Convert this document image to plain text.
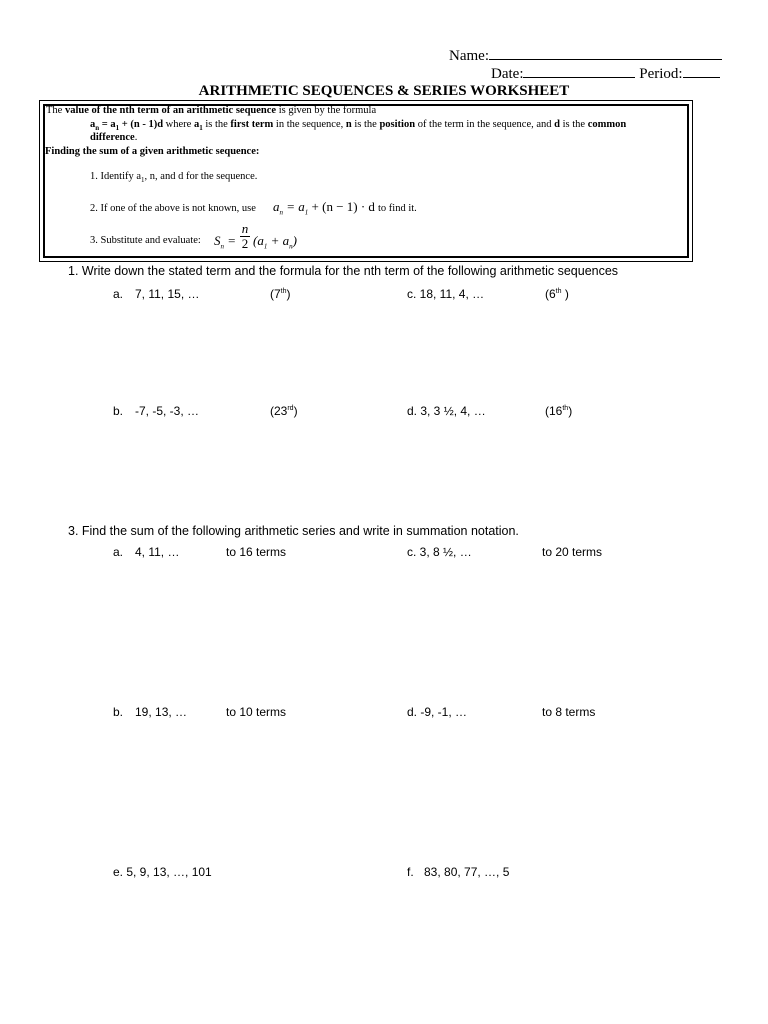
Name:
Date:	Period:
ARITHMETIC SEQUENCES & SERIES WORKSHEET
The value of the nth term of an arithmetic sequence is given by the formula
$a_n = a_1 + (n - 1)d$ where $a_1$ is the first term in the sequence, n is the position of the term in the sequence, and d is the common
difference.
Finding the sum of a given arithmetic sequence:
1. Identify $a_1$, n, and d for the sequence.
2. If one of the above is not known, use $a_n = a_1 + (n - 1) \cdot d$ to find it.
3. Substitute and evaluate: $S_n$ =
n
2 $(a_1 + a_n)$
1. Write down the stated term and the formula for the nth term of the following arithmetic sequences
a. 7, 11, 15, …	(7th)	c. 18, 11, 4, …	(6th )
b. -7, -5, -3, …	(23rd)	d. 3, 3 ½, 4, …	(16th)
3. Find the sum of the following arithmetic series and write in summation notation.
a. 4, 11, …	to 16 terms	c. 3, 8 ½, …	to 20 terms
b. 19, 13, …	to 10 terms	d. -9, -1, …	to 8 terms
e. 5, 9, 13, …, 101	f. 83, 80, 77, …, 5
